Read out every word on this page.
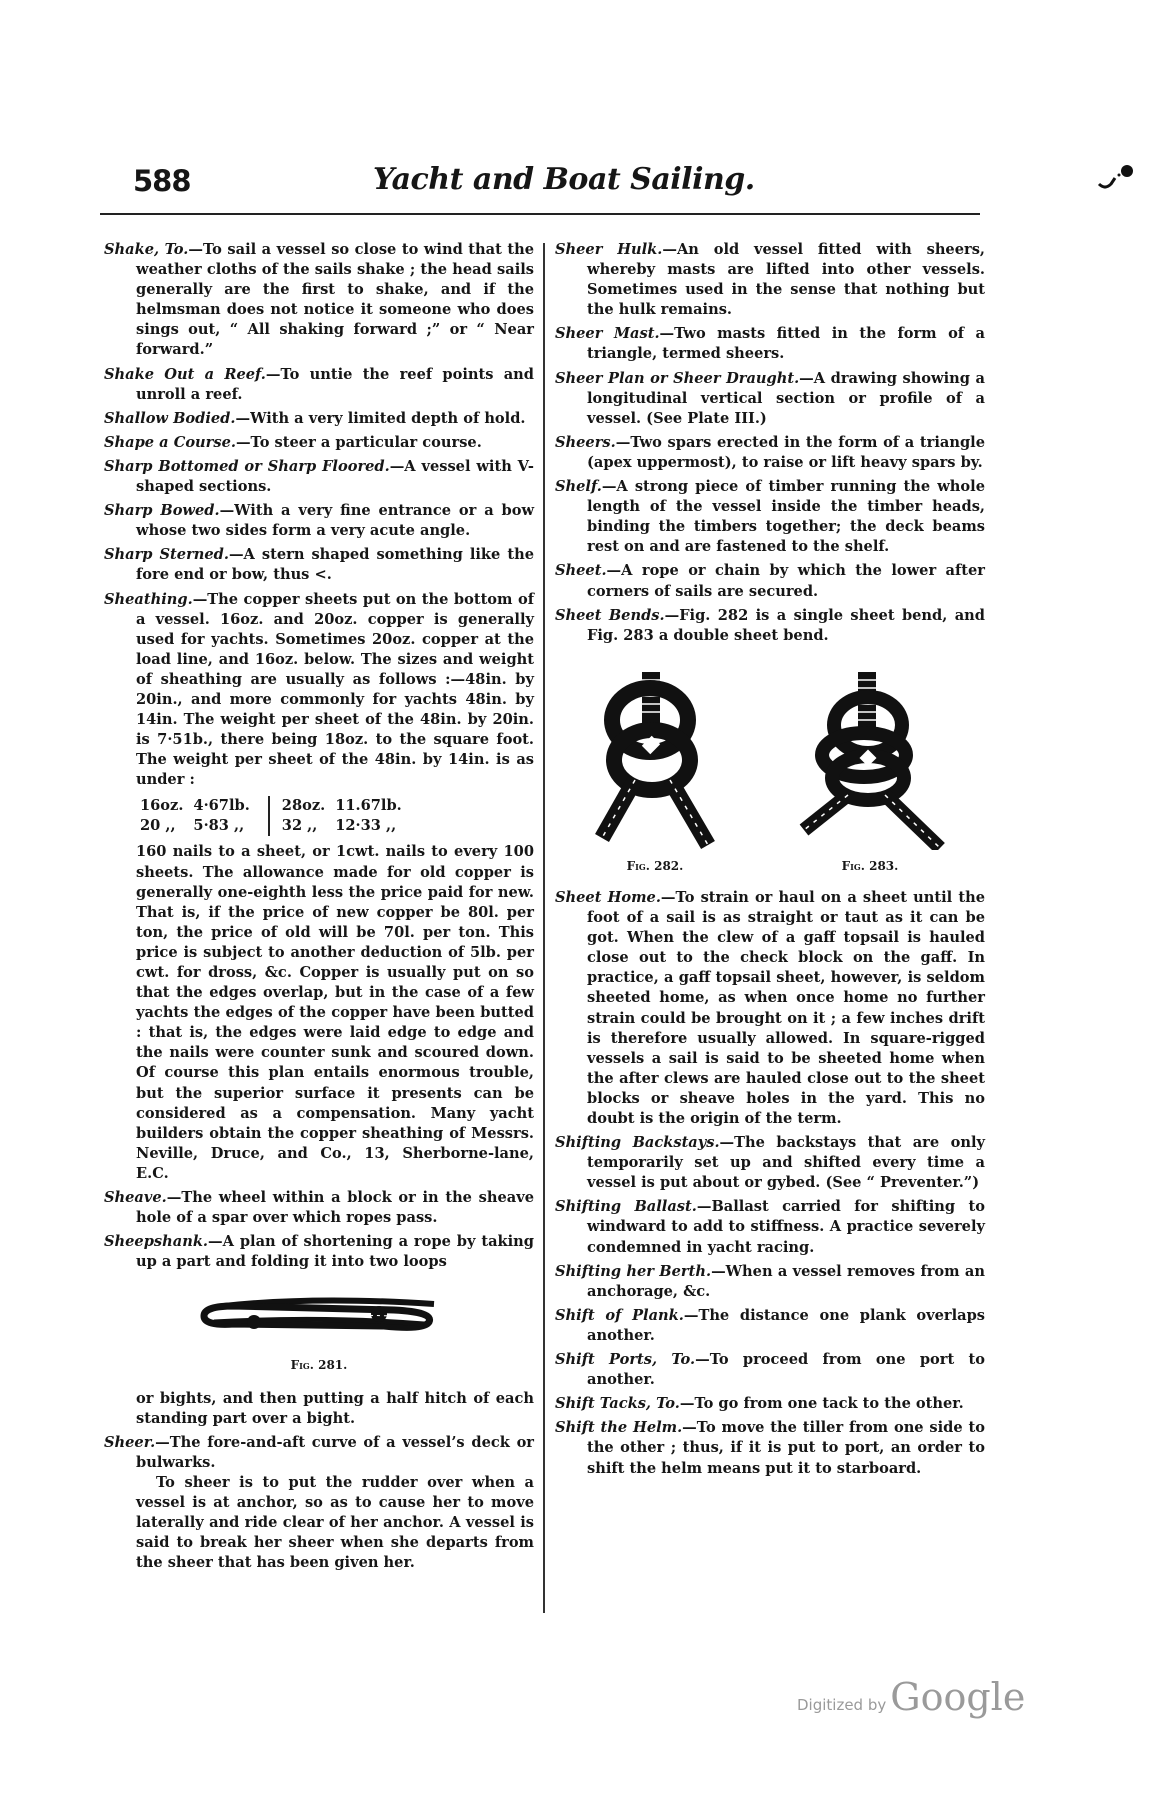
588	Yacht and Boat Sailing.

Shake, To.—To sail a vessel so close to wind that the weather cloths of the sails shake ; the head sails generally are the first to shake, and if the helmsman does not notice it someone who does sings out, “ All shaking forward ;” or “ Near forward.”

Shake Out a Reef.—To untie the reef points and unroll a reef.

Shallow Bodied.—With a very limited depth of hold.

Shape a Course.—To steer a particular course.

Sharp Bottomed or Sharp Floored.—A vessel with V-shaped sections.

Sharp Bowed.—With a very fine entrance or a bow whose two sides form a very acute angle.

Sharp Sterned.—A stern shaped something like the fore end or bow, thus <.

Sheathing.—The copper sheets put on the bottom of a vessel. 16oz. and 20oz. copper is generally used for yachts. Sometimes 20oz. copper at the load line, and 16oz. below. The sizes and weight of sheathing are usually as follows :—48in. by 20in., and more commonly for yachts 48in. by 14in. The weight per sheet of the 48in. by 20in. is 7·51b., there being 18oz. to the square foot. The weight per sheet of the 48in. by 14in. is as under :

16oz.	4·67lb.	28oz.	11.67lb.
20 ,,	5·83 ,,	32 ,,	12·33 ,,

160 nails to a sheet, or 1cwt. nails to every 100 sheets. The allowance made for old copper is generally one-eighth less the price paid for new. That is, if the price of new copper be 80l. per ton, the price of old will be 70l. per ton. This price is subject to another deduction of 5lb. per cwt. for dross, &c. Copper is usually put on so that the edges overlap, but in the case of a few yachts the edges of the copper have been butted : that is, the edges were laid edge to edge and the nails were counter sunk and scoured down. Of course this plan entails enormous trouble, but the superior surface it presents can be considered as a compensation. Many yacht builders obtain the copper sheathing of Messrs. Neville, Druce, and Co., 13, Sherborne-lane, E.C.

Sheave.—The wheel within a block or in the sheave hole of a spar over which ropes pass.

Sheepshank.—A plan of shortening a rope by taking up a part and folding it into two loops

Fig. 281.

or bights, and then putting a half hitch of each standing part over a bight.

Sheer.—The fore-and-aft curve of a vessel’s deck or bulwarks.

To sheer is to put the rudder over when a vessel is at anchor, so as to cause her to move laterally and ride clear of her anchor. A vessel is said to break her sheer when she departs from the sheer that has been given her.

Sheer Hulk.—An old vessel fitted with sheers, whereby masts are lifted into other vessels. Sometimes used in the sense that nothing but the hulk remains.

Sheer Mast.—Two masts fitted in the form of a triangle, termed sheers.

Sheer Plan or Sheer Draught.—A drawing showing a longitudinal vertical section or profile of a vessel. (See Plate III.)

Sheers.—Two spars erected in the form of a triangle (apex uppermost), to raise or lift heavy spars by.

Shelf.—A strong piece of timber running the whole length of the vessel inside the timber heads, binding the timbers together; the deck beams rest on and are fastened to the shelf.

Sheet.—A rope or chain by which the lower after corners of sails are secured.

Sheet Bends.—Fig. 282 is a single sheet bend, and Fig. 283 a double sheet bend.

Fig. 282.	Fig. 283.

Sheet Home.—To strain or haul on a sheet until the foot of a sail is as straight or taut as it can be got. When the clew of a gaff topsail is hauled close out to the check block on the gaff. In practice, a gaff topsail sheet, however, is seldom sheeted home, as when once home no further strain could be brought on it ; a few inches drift is therefore usually allowed. In square-rigged vessels a sail is said to be sheeted home when the after clews are hauled close out to the sheet blocks or sheave holes in the yard. This no doubt is the origin of the term.

Shifting Backstays.—The backstays that are only temporarily set up and shifted every time a vessel is put about or gybed. (See “ Preventer.”)

Shifting Ballast.—Ballast carried for shifting to windward to add to stiffness. A practice severely condemned in yacht racing.

Shifting her Berth.—When a vessel removes from an anchorage, &c.

Shift of Plank.—The distance one plank overlaps another.

Shift Ports, To.—To proceed from one port to another.

Shift Tacks, To.—To go from one tack to the other.

Shift the Helm.—To move the tiller from one side to the other ; thus, if it is put to port, an order to shift the helm means put it to starboard.

Digitized by Google
